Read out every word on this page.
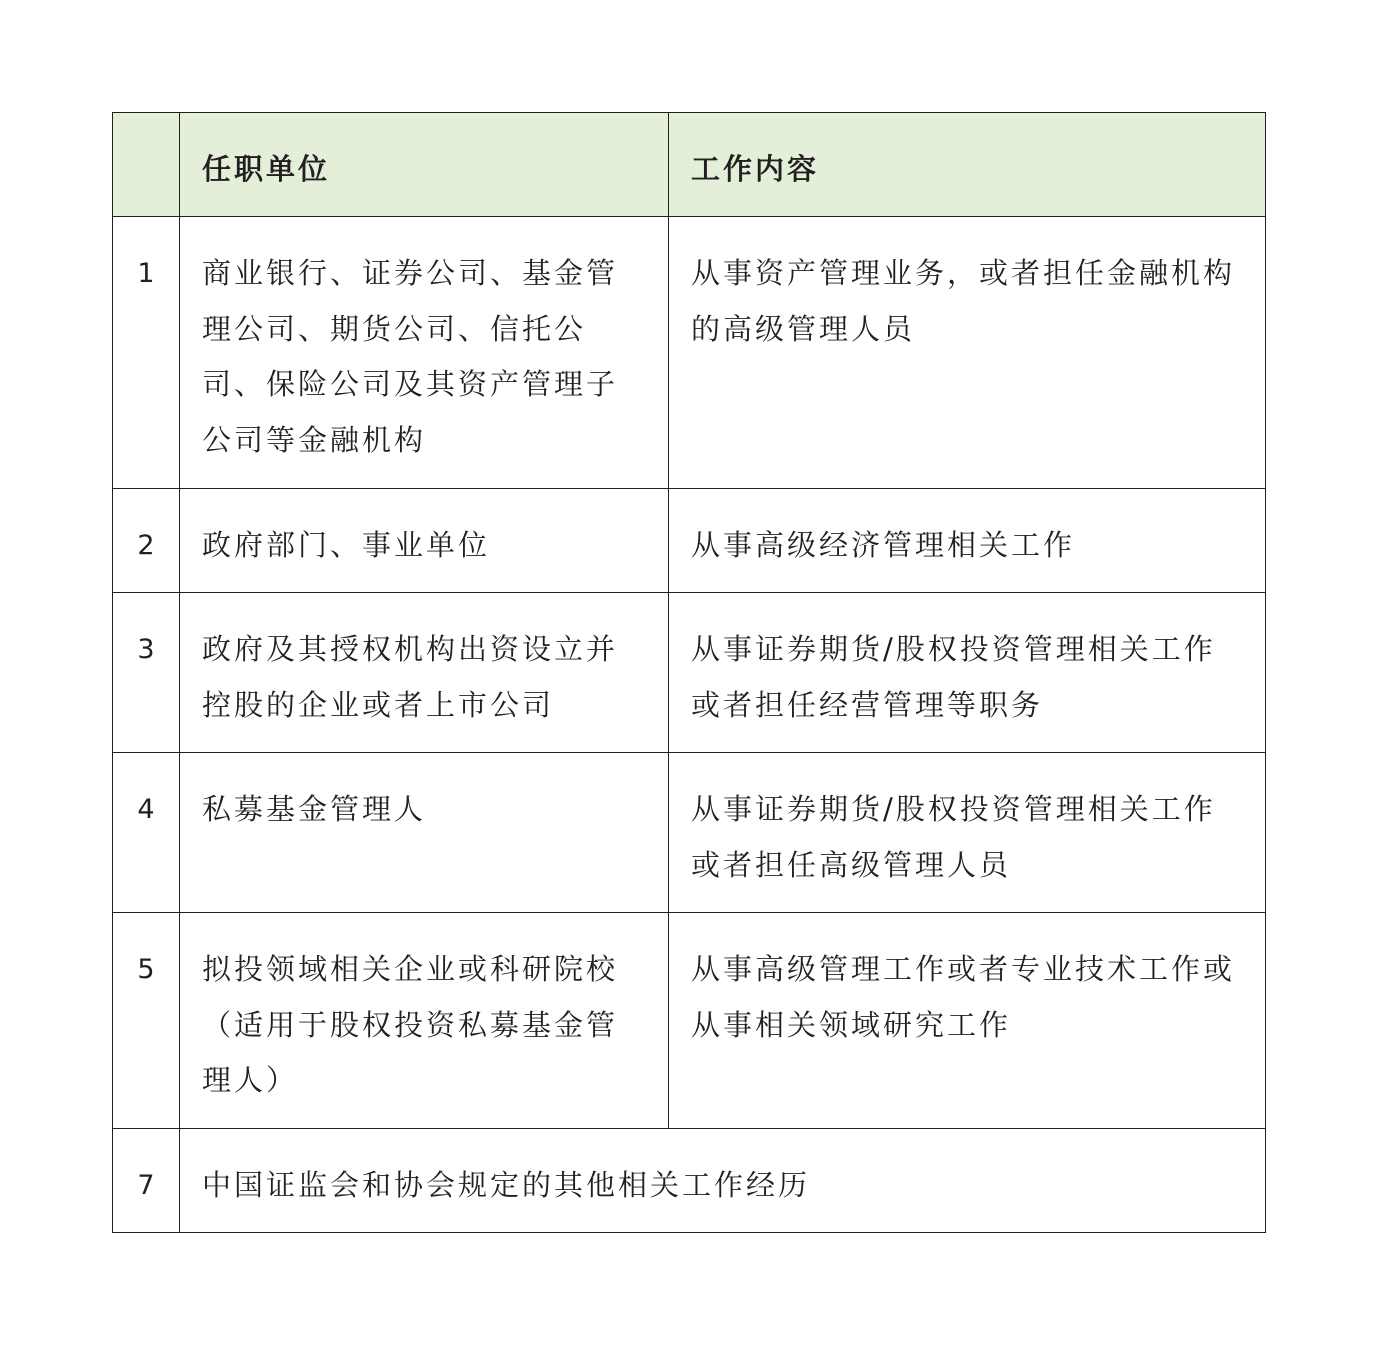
	任职单位	工作内容
1	商业银行、证券公司、基金管理公司、期货公司、信托公司、保险公司及其资产管理子公司等金融机构	从事资产管理业务，或者担任金融机构的高级管理人员
2	政府部门、事业单位	从事高级经济管理相关工作
3	政府及其授权机构出资设立并控股的企业或者上市公司	从事证券期货/股权投资管理相关工作或者担任经营管理等职务
4	私募基金管理人	从事证券期货/股权投资管理相关工作或者担任高级管理人员
5	拟投领域相关企业或科研院校（适用于股权投资私募基金管理人）	从事高级管理工作或者专业技术工作或从事相关领域研究工作
7	中国证监会和协会规定的其他相关工作经历	
